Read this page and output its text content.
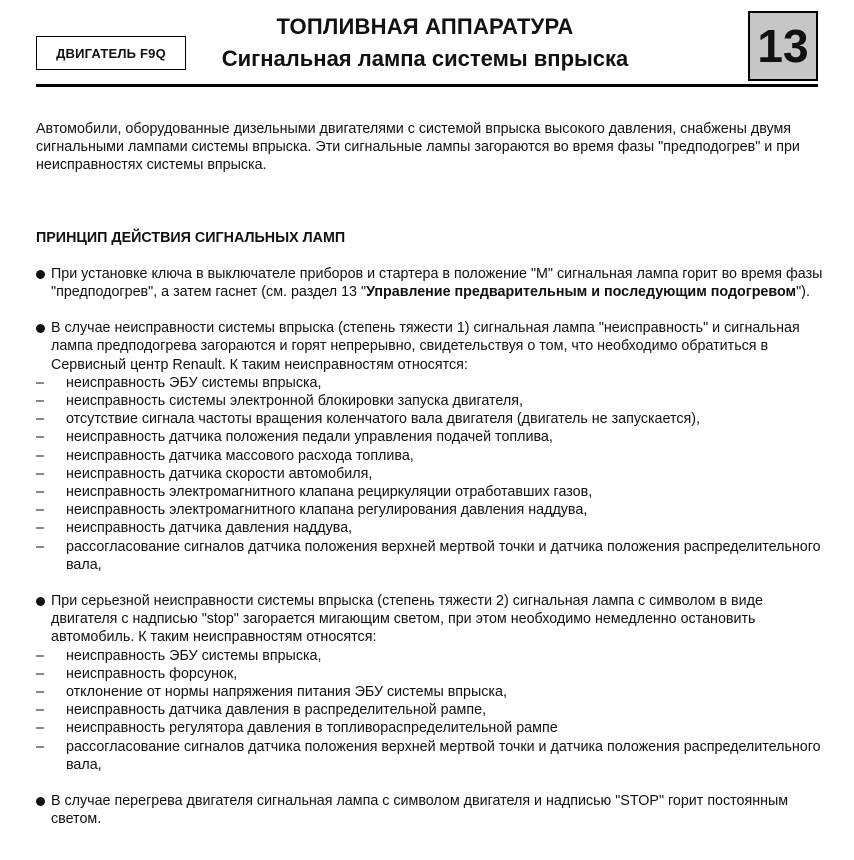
ДВИГАТЕЛЬ F9Q
ТОПЛИВНАЯ АППАРАТУРА
Сигнальная лампа системы впрыска	13

Автомобили, оборудованные дизельными двигателями с системой впрыска высокого давления, снабжены двумя сигнальными лампами системы впрыска. Эти сигнальные лампы загораются во время фазы "предподогрев" и при неисправностях системы впрыска.

ПРИНЦИП ДЕЙСТВИЯ СИГНАЛЬНЫХ ЛАМП

При установке ключа в выключателе приборов и стартера в положение "М" сигнальная лампа горит во время фазы "предподогрев", а затем гаснет (см. раздел 13 "Управление предварительным и последующим подогревом").
В случае неисправности системы впрыска (степень тяжести 1) сигнальная лампа "неисправность" и сигнальная лампа предподогрева загораются и горят непрерывно, свидетельствуя о том, что необходимо обратиться в Сервисный центр Renault. К таким неисправностям относятся:
– неисправность ЭБУ системы впрыска,
– неисправность системы электронной блокировки запуска двигателя,
– отсутствие сигнала частоты вращения коленчатого вала двигателя (двигатель не запускается),
– неисправность датчика положения педали управления подачей топлива,
– неисправность датчика массового расхода топлива,
– неисправность датчика скорости автомобиля,
– неисправность электромагнитного клапана рециркуляции отработавших газов,
– неисправность электромагнитного клапана регулирования давления наддува,
– неисправность датчика давления наддува,
– рассогласование сигналов датчика положения верхней мертвой точки и датчика положения распределительного вала,
При серьезной неисправности системы впрыска (степень тяжести 2) сигнальная лампа с символом в виде двигателя с надписью "stop" загорается мигающим светом, при этом необходимо немедленно остановить автомобиль. К таким неисправностям относятся:
– неисправность ЭБУ системы впрыска,
– неисправность форсунок,
– отклонение от нормы напряжения питания ЭБУ системы впрыска,
– неисправность датчика давления в распределительной рампе,
– неисправность регулятора давления в топливораспределительной рампе
– рассогласование сигналов датчика положения верхней мертвой точки и датчика положения распределительного вала,
В случае перегрева двигателя сигнальная лампа с символом двигателя и надписью "STOP" горит постоянным светом.
